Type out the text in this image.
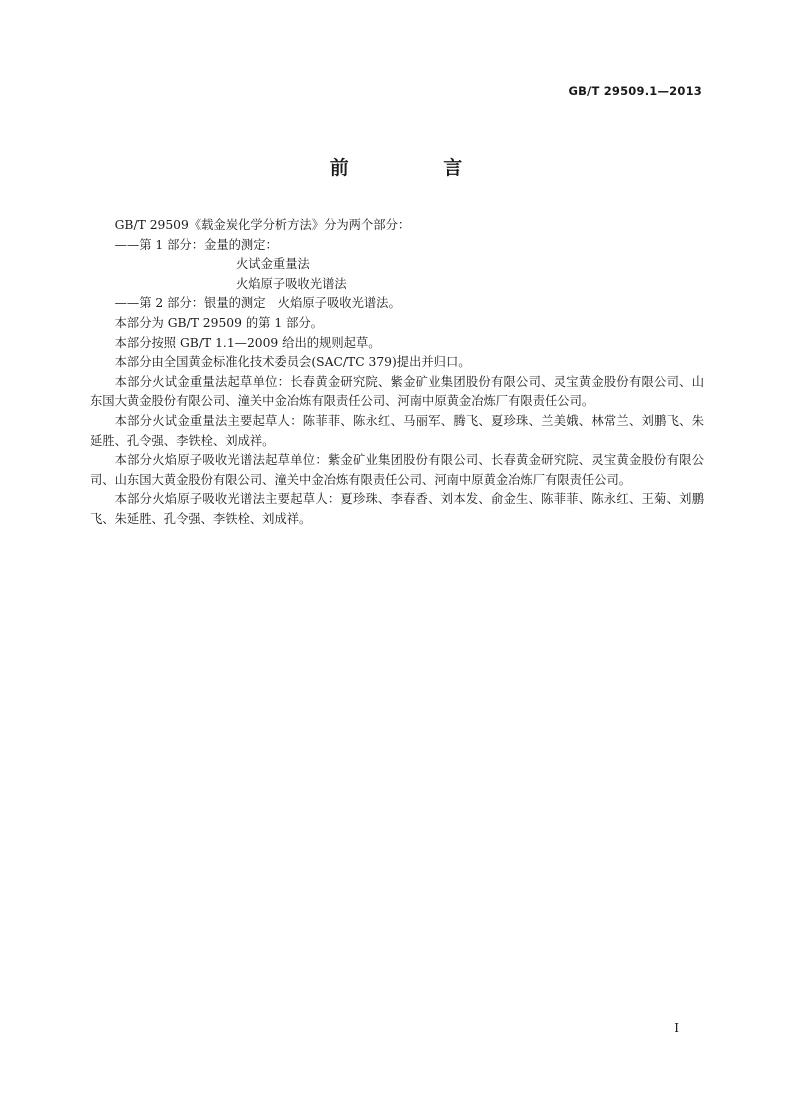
GB/T 29509.1—2013
前 言

GB/T 29509《载金炭化学分析方法》分为两个部分：

——第 1 部分：金量的测定：

火试金重量法

火焰原子吸收光谱法

——第 2 部分：银量的测定　火焰原子吸收光谱法。

本部分为 GB/T 29509 的第 1 部分。

本部分按照 GB/T 1.1—2009 给出的规则起草。

本部分由全国黄金标准化技术委员会(SAC/TC 379)提出并归口。

本部分火试金重量法起草单位：长春黄金研究院、紫金矿业集团股份有限公司、灵宝黄金股份有限公司、山东国大黄金股份有限公司、潼关中金冶炼有限责任公司、河南中原黄金冶炼厂有限责任公司。

本部分火试金重量法主要起草人：陈菲菲、陈永红、马丽军、腾飞、夏珍珠、兰美娥、林常兰、刘鹏飞、朱延胜、孔令强、李铁栓、刘成祥。

本部分火焰原子吸收光谱法起草单位：紫金矿业集团股份有限公司、长春黄金研究院、灵宝黄金股份有限公司、山东国大黄金股份有限公司、潼关中金冶炼有限责任公司、河南中原黄金冶炼厂有限责任公司。

本部分火焰原子吸收光谱法主要起草人：夏珍珠、李春香、刘本发、俞金生、陈菲菲、陈永红、王菊、刘鹏飞、朱延胜、孔令强、李铁栓、刘成祥。

I
